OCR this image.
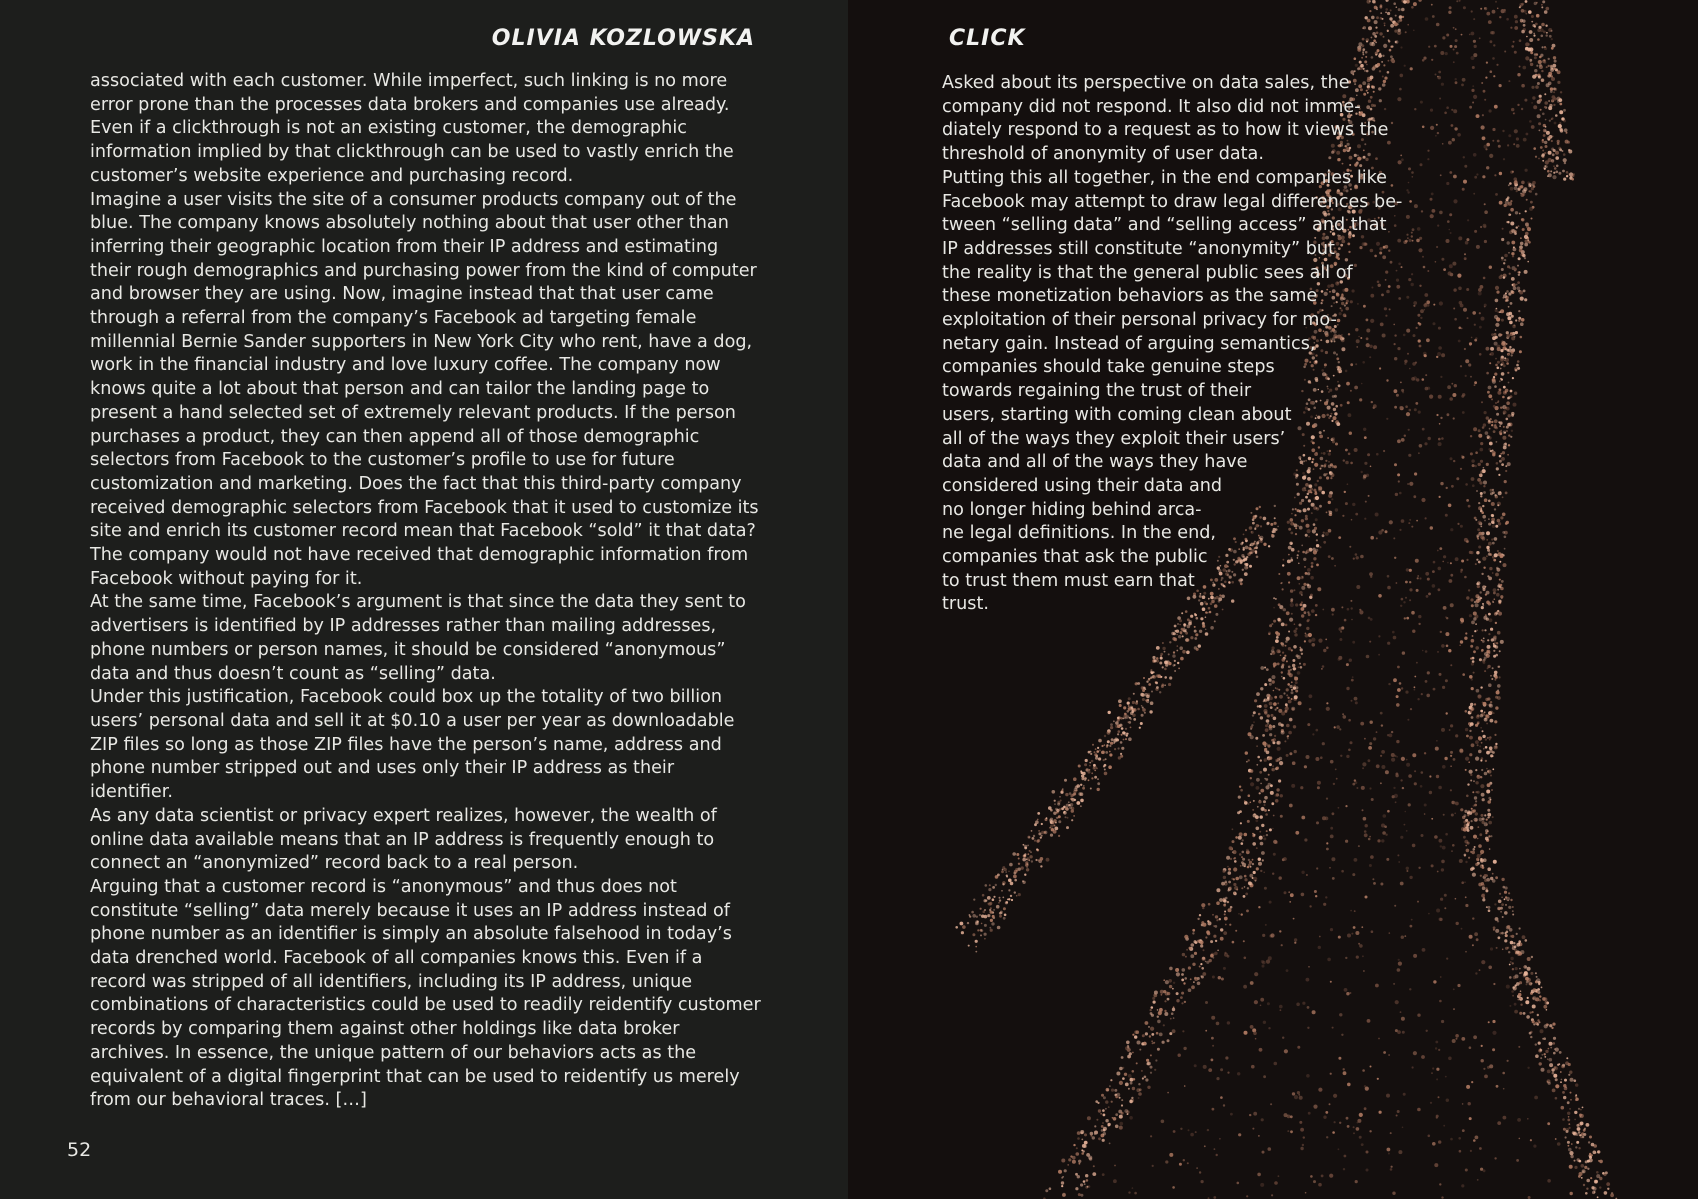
OLIVIA KOZLOWSKA

associated with each customer. While imperfect, such linking is no more error prone than the processes data brokers and companies use already. Even if a clickthrough is not an existing customer, the demographic information implied by that clickthrough can be used to vastly enrich the customer’s website experience and purchasing record.

Imagine a user visits the site of a consumer products company out of the blue. The company knows absolutely nothing about that user other than inferring their geographic location from their IP address and estimating their rough demographics and purchasing power from the kind of computer and browser they are using. Now, imagine instead that that user came through a referral from the company’s Facebook ad targeting female millennial Bernie Sander supporters in New York City who rent, have a dog, work in the financial industry and love luxury coffee. The company now knows quite a lot about that person and can tailor the landing page to present a hand selected set of extremely relevant products. If the person purchases a product, they can then append all of those demographic selectors from Facebook to the customer’s profile to use for future customization and marketing. Does the fact that this third-party company received demographic selectors from Facebook that it used to customize its site and enrich its customer record mean that Facebook “sold” it that data? The company would not have received that demographic information from Facebook without paying for it.

At the same time, Facebook’s argument is that since the data they sent to advertisers is identified by IP addresses rather than mailing addresses, phone numbers or person names, it should be considered “anonymous” data and thus doesn’t count as “selling” data.

Under this justification, Facebook could box up the totality of two billion users’ personal data and sell it at $0.10 a user per year as downloadable ZIP files so long as those ZIP files have the person’s name, address and phone number stripped out and uses only their IP address as their identifier.

As any data scientist or privacy expert realizes, however, the wealth of online data available means that an IP address is frequently enough to connect an “anonymized” record back to a real person.

Arguing that a customer record is “anonymous” and thus does not constitute “selling” data merely because it uses an IP address instead of phone number as an identifier is simply an absolute falsehood in today’s data drenched world. Facebook of all companies knows this. Even if a record was stripped of all identifiers, including its IP address, unique combinations of characteristics could be used to readily reidentify customer records by comparing them against other holdings like data broker archives. In essence, the unique pattern of our behaviors acts as the equivalent of a digital fingerprint that can be used to reidentify us merely from our behavioral traces. […]

52
CLICK

Asked about its perspective on data sales, the
company did not respond. It also did not imme-
diately respond to a request as to how it views the
threshold of anonymity of user data.

Putting this all together, in the end companies like
Facebook may attempt to draw legal differences be-
tween “selling data” and “selling access” and that
IP addresses still constitute “anonymity” but
the reality is that the general public sees all of
these monetization behaviors as the same
exploitation of their personal privacy for mo-
netary gain. Instead of arguing semantics,
companies should take genuine steps
towards regaining the trust of their
users, starting with coming clean about
all of the ways they exploit their users’
data and all of the ways they have
considered using their data and
no longer hiding behind arca-
ne legal definitions. In the end,
companies that ask the public
to trust them must earn that
trust.
